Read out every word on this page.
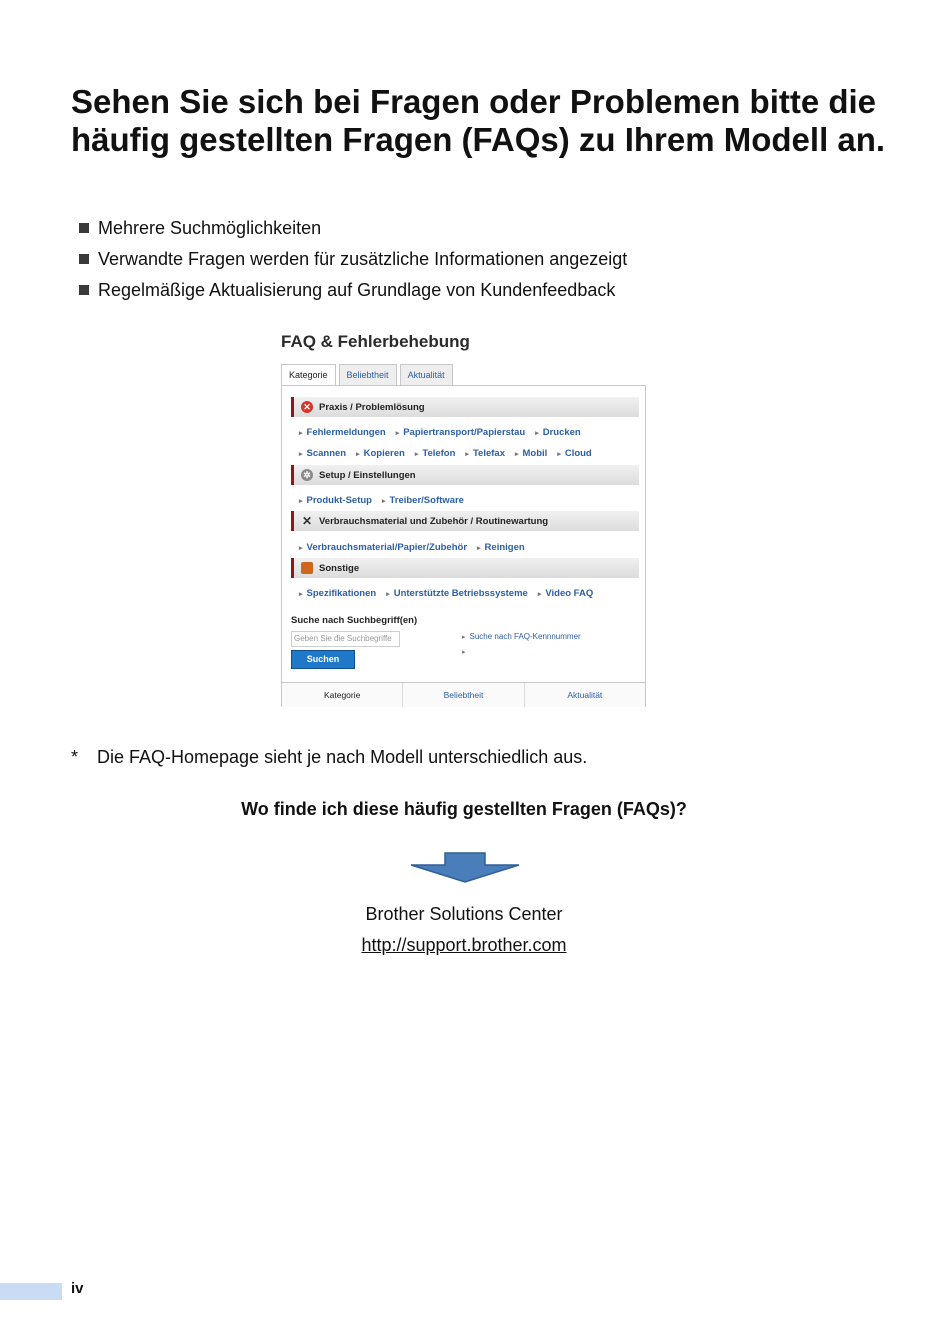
Sehen Sie sich bei Fragen oder Problemen bitte die häufig gestellten Fragen (FAQs) zu Ihrem Modell an.
Mehrere Suchmöglichkeiten
Verwandte Fragen werden für zusätzliche Informationen angezeigt
Regelmäßige Aktualisierung auf Grundlage von Kundenfeedback
FAQ & Fehlerbehebung
Kategorie	Beliebtheit	Aktualität
✕ Praxis / Problemlösung
▸ Fehlermeldungen	▸ Papiertransport/Papierstau	▸ Drucken
▸ Scannen	▸ Kopieren	▸ Telefon	▸ Telefax	▸ Mobil	▸ Cloud
✲ Setup / Einstellungen
▸ Produkt-Setup	▸ Treiber/Software
✕ Verbrauchsmaterial und Zubehör / Routinewartung
▸ Verbrauchsmaterial/Papier/Zubehör	▸ Reinigen
Sonstige
▸ Spezifikationen	▸ Unterstützte Betriebssysteme	▸ Video FAQ
Suche nach Suchbegriff(en)
Geben Sie die Suchbegriffe
Suchen
▸ Suche nach FAQ-Kennnummer
▸
Kategorie	Beliebtheit	Aktualität
* Die FAQ-Homepage sieht je nach Modell unterschiedlich aus.
Wo finde ich diese häufig gestellten Fragen (FAQs)?
Brother Solutions Center
http://support.brother.com
iv
